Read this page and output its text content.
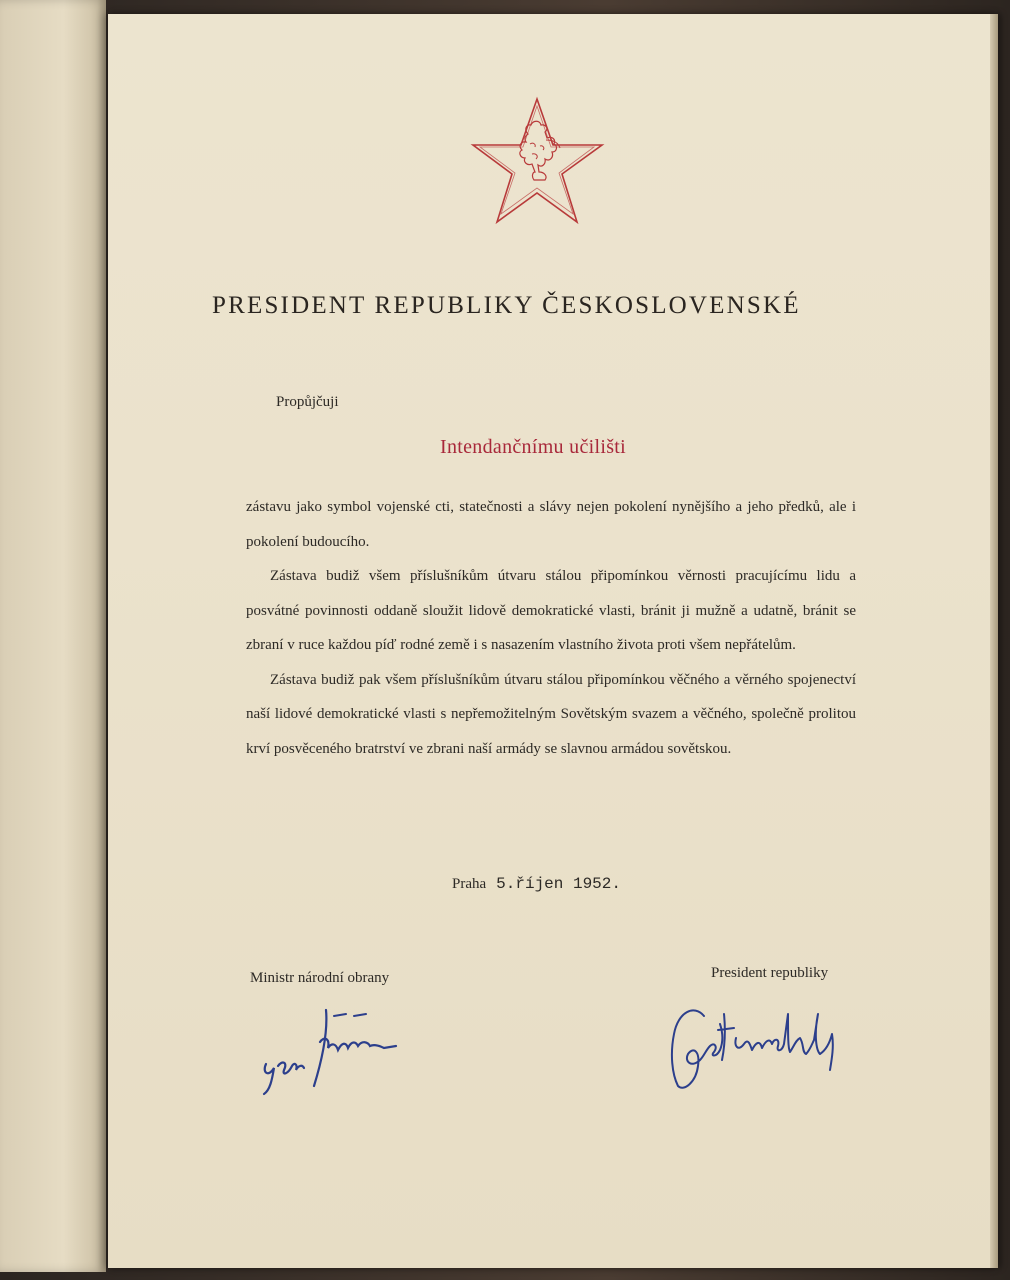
PRESIDENT REPUBLIKY ČESKOSLOVENSKÉ
Propůjčuji
Intendančnímu učilišti

zástavu jako symbol vojenské cti, statečnosti a slávy nejen pokolení nynějšího a jeho předků, ale i pokolení budoucího.

Zástava budiž všem příslušníkům útvaru stálou připomínkou věrnosti pracujícímu lidu a posvátné povinnosti oddaně sloužit lidově demokratické vlasti, bránit ji mužně a udatně, bránit se zbraní v ruce každou píď rodné země i s nasazením vlastního života proti všem nepřátelům.

Zástava budiž pak všem příslušníkům útvaru stálou připomínkou věčného a věrného spojenectví naší lidové demokratické vlasti s nepřemožitelným Sovětským svazem a věčného, společně prolitou krví posvěceného bratrství ve zbrani naší armády se slavnou armádou sovětskou.

Praha 5.říjen 1952.
Ministr národní obrany	President republiky
